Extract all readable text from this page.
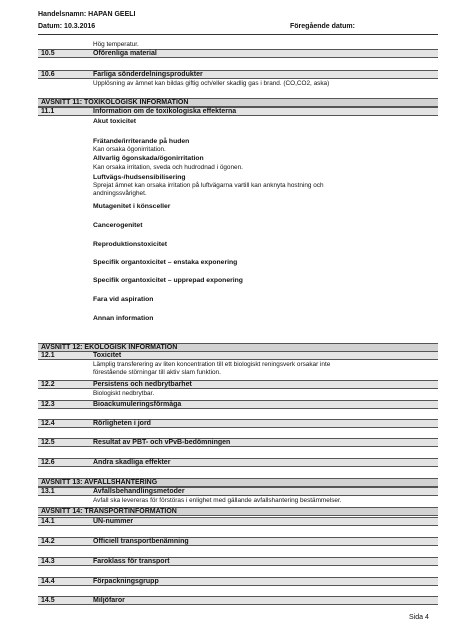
Handelsnamn: HAPAN GEELI
Datum: 10.3.2016	Föregående datum:
Hög temperatur.
10.5	Oförenliga material
10.6	Farliga sönderdelningsprodukter
Upplösning av ämnet kan bildas giftig och/eller skadlig gas i brand. (CO,CO2, aska)
AVSNITT 11: TOXIKOLOGISK INFORMATION
11.1	Information om de toxikologiska effekterna
Akut toxicitet
Frätande/irriterande på huden
Kan orsaka ögonirritation.
Allvarlig ögonskada/ögonirritation
Kan orsaka irritation, sveda och hudrodnad i ögonen.
Luftvägs-/hudsensibilisering
Sprejat ämnet kan orsaka irritation på luftvägarna vartill kan anknyta hostning och
andningssvårighet.
Mutagenitet i könsceller
Cancerogenitet
Reproduktionstoxicitet
Specifik organtoxicitet – enstaka exponering
Specifik organtoxicitet – upprepad exponering
Fara vid aspiration
Annan information
AVSNITT 12: EKOLOGISK INFORMATION
12.1	Toxicitet
Lämplig transferering av liten koncentration till ett biologiskt reningsverk orsakar inte
förestående störningar till aktiv slam funktion.
12.2	Persistens och nedbrytbarhet
Biologiskt nedbrytbar.
12.3	Bioackumuleringsförmåga
12.4	Rörligheten i jord
12.5	Resultat av PBT- och vPvB-bedömningen
12.6	Andra skadliga effekter
AVSNITT 13: AVFALLSHANTERING
13.1	Avfallsbehandlingsmetoder
Avfall ska levereras för förstöras i enlighet med gällande avfallshantering bestämmelser.
AVSNITT 14: TRANSPORTINFORMATION
14.1	UN-nummer
14.2	Officiell transportbenämning
14.3	Faroklass för transport
14.4	Förpackningsgrupp
14.5	Miljöfaror
Sida 4
